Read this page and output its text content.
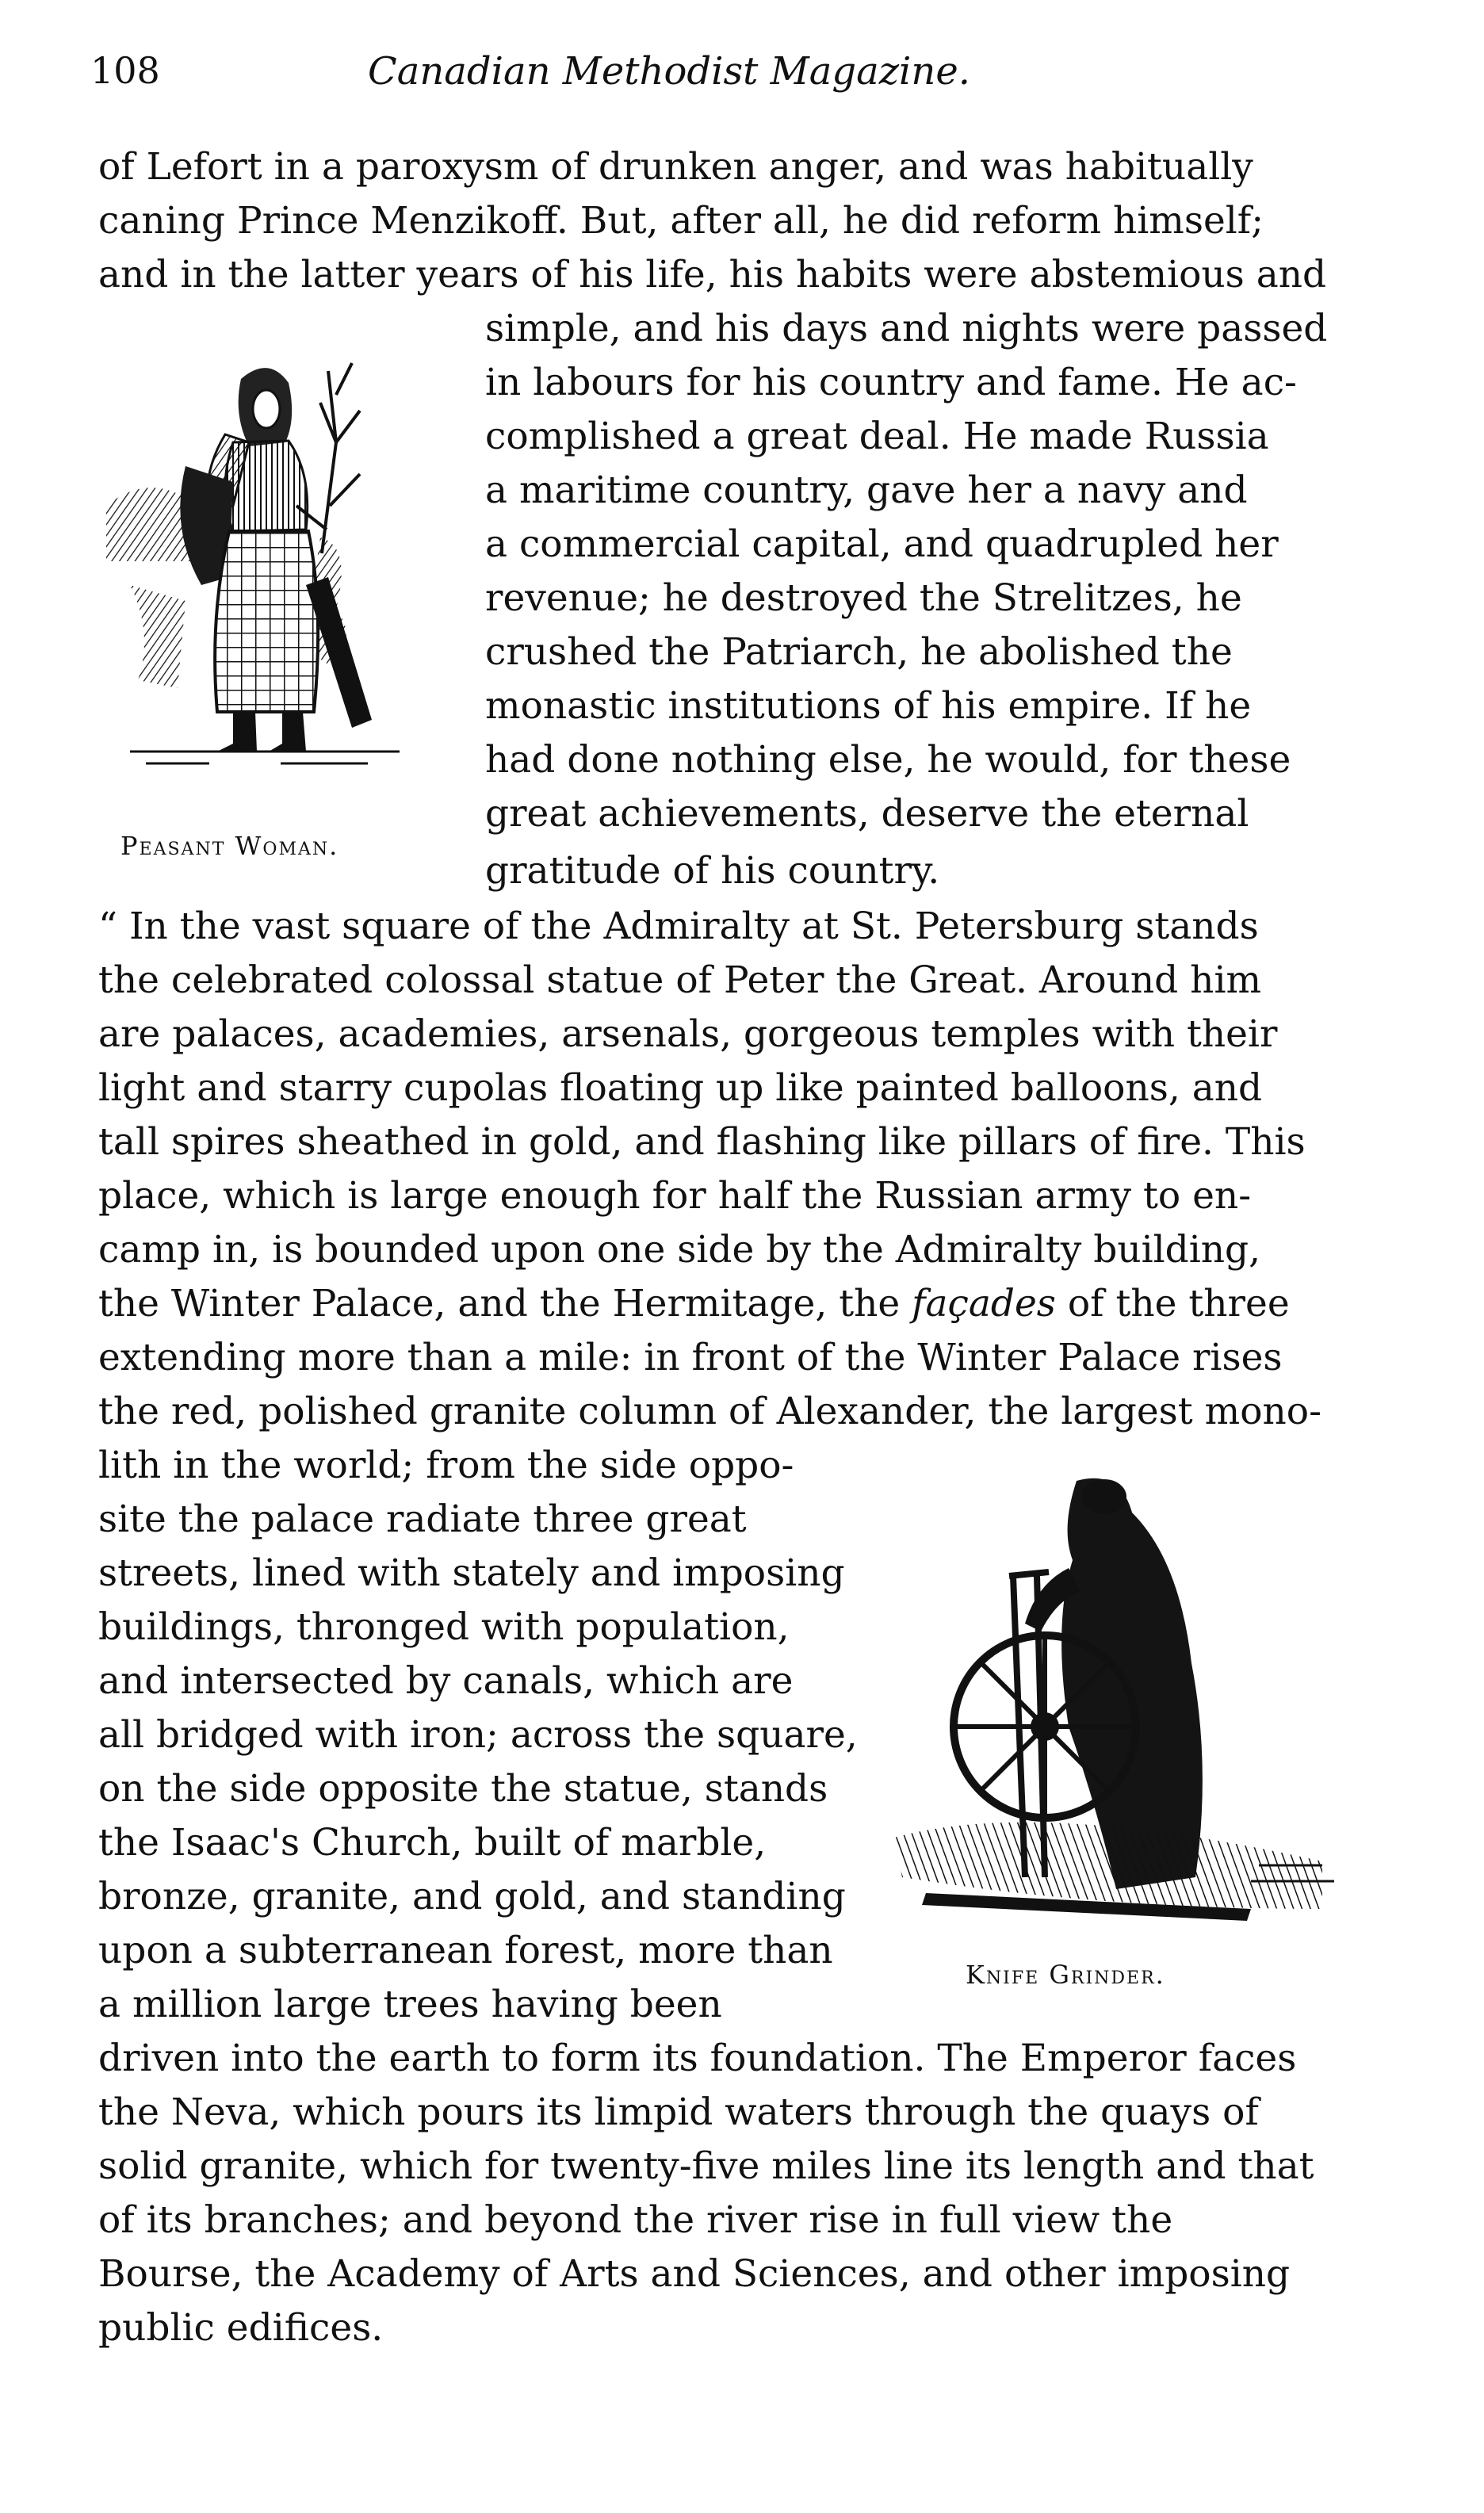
108	Canadian Methodist Magazine.
of Lefort in a paroxysm of drunken anger, and was habitually
caning Prince Menzikoff. But, after all, he did reform himself;
and in the latter years of his life, his habits were abstemious and
simple, and his days and nights were passed
in labours for his country and fame. He ac-
complished a great deal. He made Russia
a maritime country, gave her a navy and
a commercial capital, and quadrupled her
revenue; he destroyed the Strelitzes, he
crushed the Patriarch, he abolished the
monastic institutions of his empire. If he
had done nothing else, he would, for these
great achievements, deserve the eternal
gratitude of his country.
“ In the vast square of the Admiralty at St. Petersburg stands
the celebrated colossal statue of Peter the Great. Around him
are palaces, academies, arsenals, gorgeous temples with their
light and starry cupolas floating up like painted balloons, and
tall spires sheathed in gold, and flashing like pillars of fire. This
place, which is large enough for half the Russian army to en-
camp in, is bounded upon one side by the Admiralty building,
the Winter Palace, and the Hermitage, the façades of the three
extending more than a mile: in front of the Winter Palace rises
the red, polished granite column of Alexander, the largest mono-
lith in the world; from the side oppo-
site the palace radiate three great
streets, lined with stately and imposing
buildings, thronged with population,
and intersected by canals, which are
all bridged with iron; across the square,
on the side opposite the statue, stands
the Isaac's Church, built of marble,
bronze, granite, and gold, and standing
upon a subterranean forest, more than
a million large trees having been
driven into the earth to form its foundation. The Emperor faces
the Neva, which pours its limpid waters through the quays of
solid granite, which for twenty-five miles line its length and that
of its branches; and beyond the river rise in full view the
Bourse, the Academy of Arts and Sciences, and other imposing
public edifices.
Peasant Woman.
Knife Grinder.
